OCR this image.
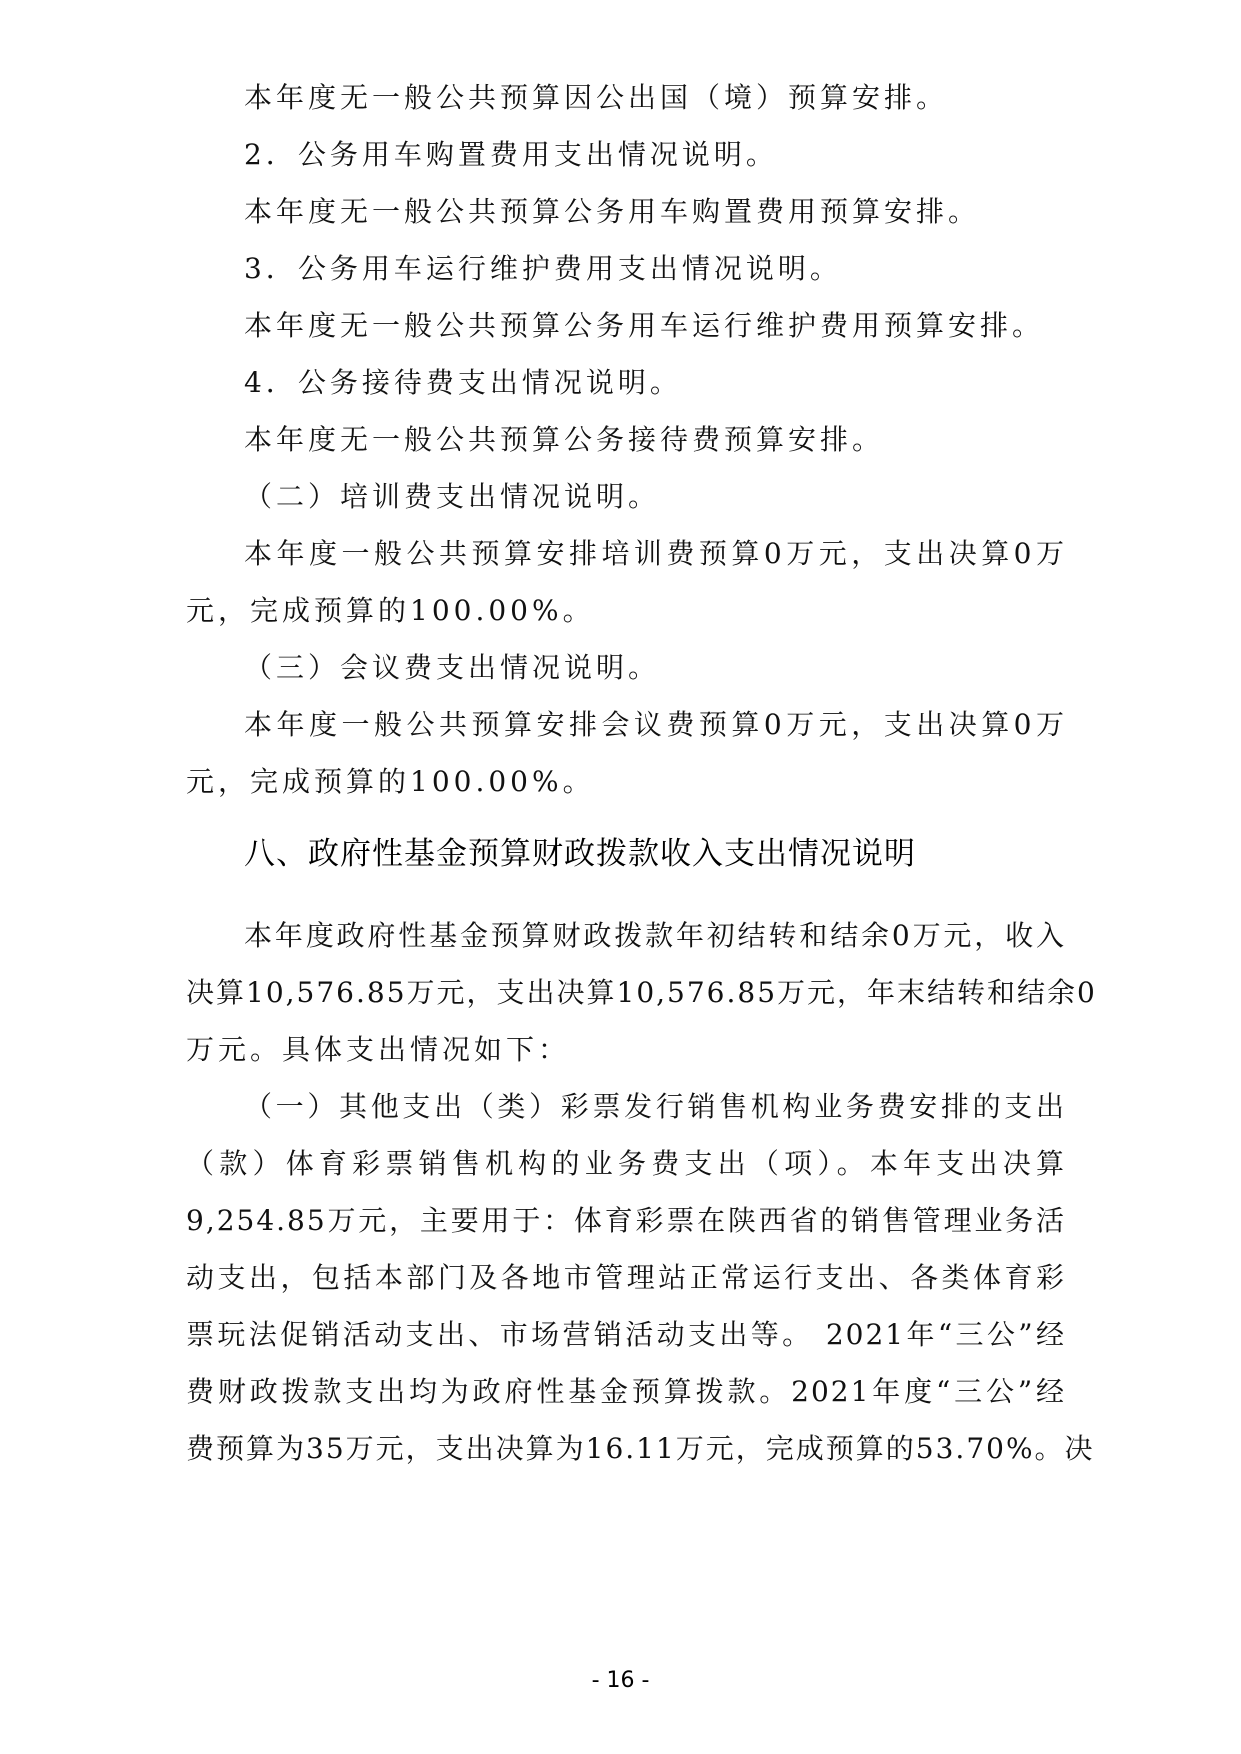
本年度无一般公共预算因公出国（境）预算安排。
2．公务用车购置费用支出情况说明。
本年度无一般公共预算公务用车购置费用预算安排。
3．公务用车运行维护费用支出情况说明。
本年度无一般公共预算公务用车运行维护费用预算安排。
4．公务接待费支出情况说明。
本年度无一般公共预算公务接待费预算安排。
（二）培训费支出情况说明。
本年度一般公共预算安排培训费预算0万元，支出决算0万
元，完成预算的100.00%。
（三）会议费支出情况说明。
本年度一般公共预算安排会议费预算0万元，支出决算0万
元，完成预算的100.00%。
八、政府性基金预算财政拨款收入支出情况说明
本年度政府性基金预算财政拨款年初结转和结余0万元，收入
决算10,576.85万元，支出决算10,576.85万元，年末结转和结余0
万元。具体支出情况如下：
（一）其他支出（类）彩票发行销售机构业务费安排的支出
（款）体育彩票销售机构的业务费支出（项）。本年支出决算
9,254.85万元，主要用于：体育彩票在陕西省的销售管理业务活
动支出，包括本部门及各地市管理站正常运行支出、各类体育彩
票玩法促销活动支出、市场营销活动支出等。 2021年“三公”经
费财政拨款支出均为政府性基金预算拨款。2021年度“三公”经
费预算为35万元，支出决算为16.11万元，完成预算的53.70%。决
- 16 -
